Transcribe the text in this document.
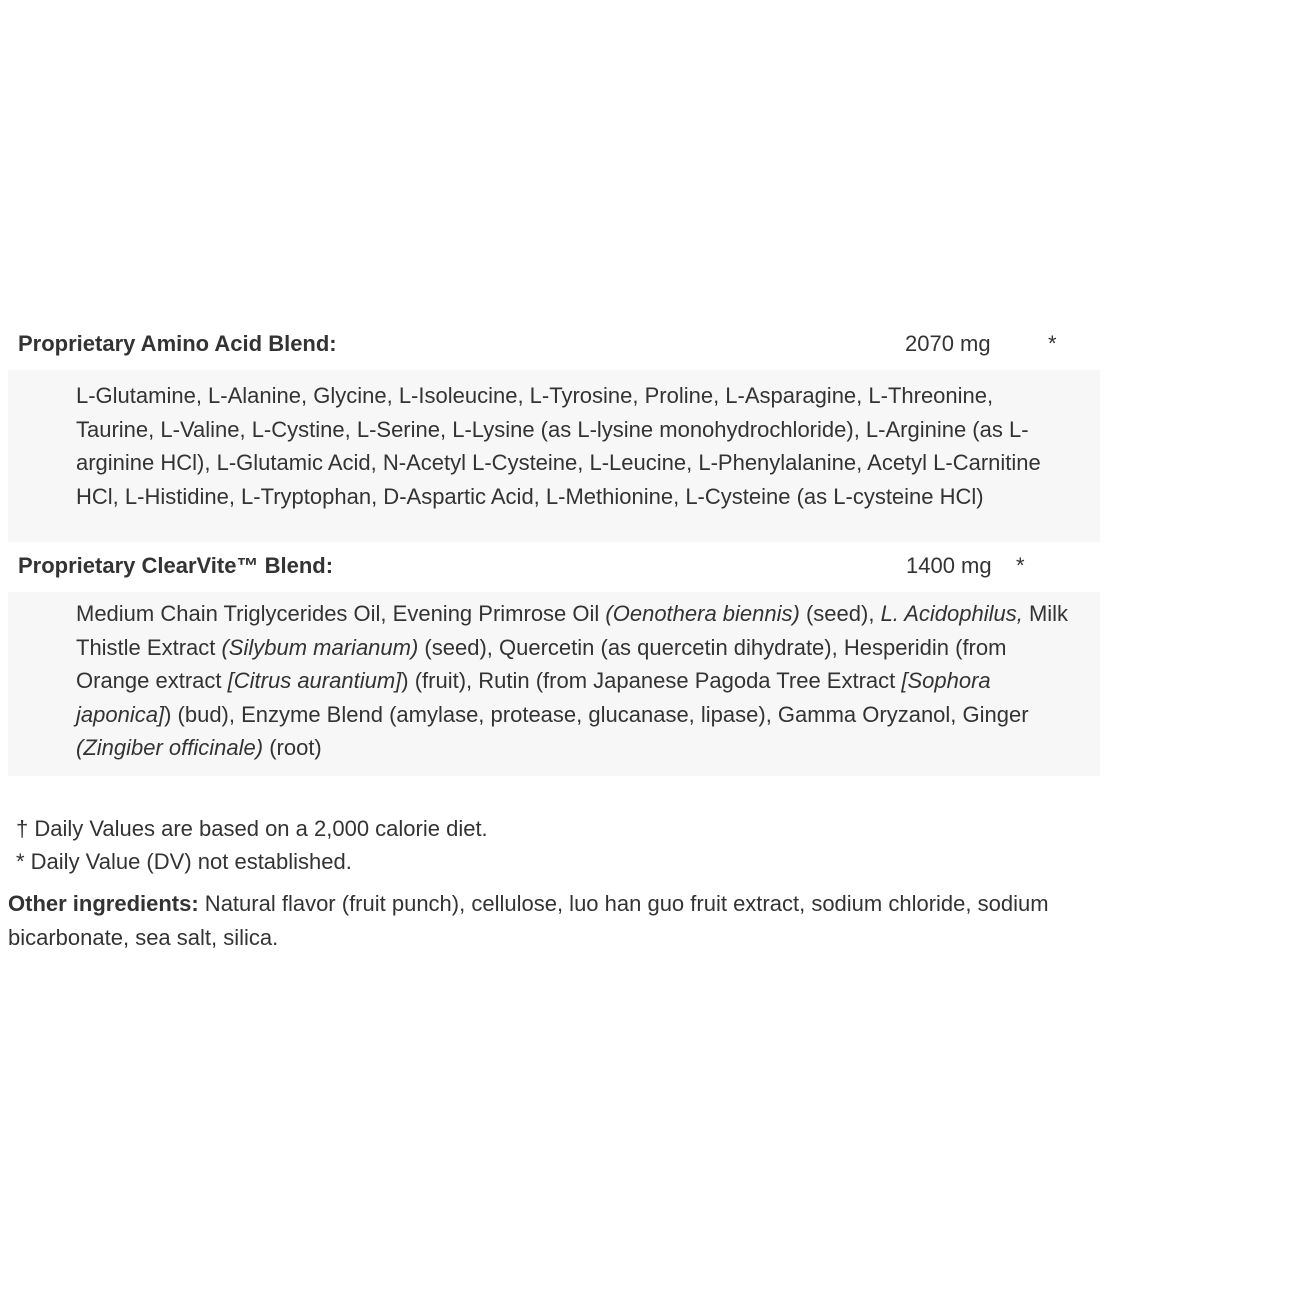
Proprietary Amino Acid Blend:	2070 mg	*
L-Glutamine, L-Alanine, Glycine, L-Isoleucine, L-Tyrosine, Proline, L-Asparagine, L-Threonine, Taurine, L-Valine, L-Cystine, L-Serine, L-Lysine (as L-lysine monohydrochloride), L-Arginine (as L-arginine HCl), L-Glutamic Acid, N-Acetyl L-Cysteine, L-Leucine, L-Phenylalanine, Acetyl L-Carnitine HCl, L-Histidine, L-Tryptophan, D-Aspartic Acid, L-Methionine, L-Cysteine (as L-cysteine HCl)
Proprietary ClearVite™ Blend:	1400 mg *
Medium Chain Triglycerides Oil, Evening Primrose Oil (Oenothera biennis) (seed), L. Acidophilus, Milk Thistle Extract (Silybum marianum) (seed), Quercetin (as quercetin dihydrate), Hesperidin (from Orange extract [Citrus aurantium]) (fruit), Rutin (from Japanese Pagoda Tree Extract [Sophora japonica]) (bud), Enzyme Blend (amylase, protease, glucanase, lipase), Gamma Oryzanol, Ginger (Zingiber officinale) (root)
† Daily Values are based on a 2,000 calorie diet.
* Daily Value (DV) not established.
Other ingredients: Natural flavor (fruit punch), cellulose, luo han guo fruit extract, sodium chloride, sodium bicarbonate, sea salt, silica.
